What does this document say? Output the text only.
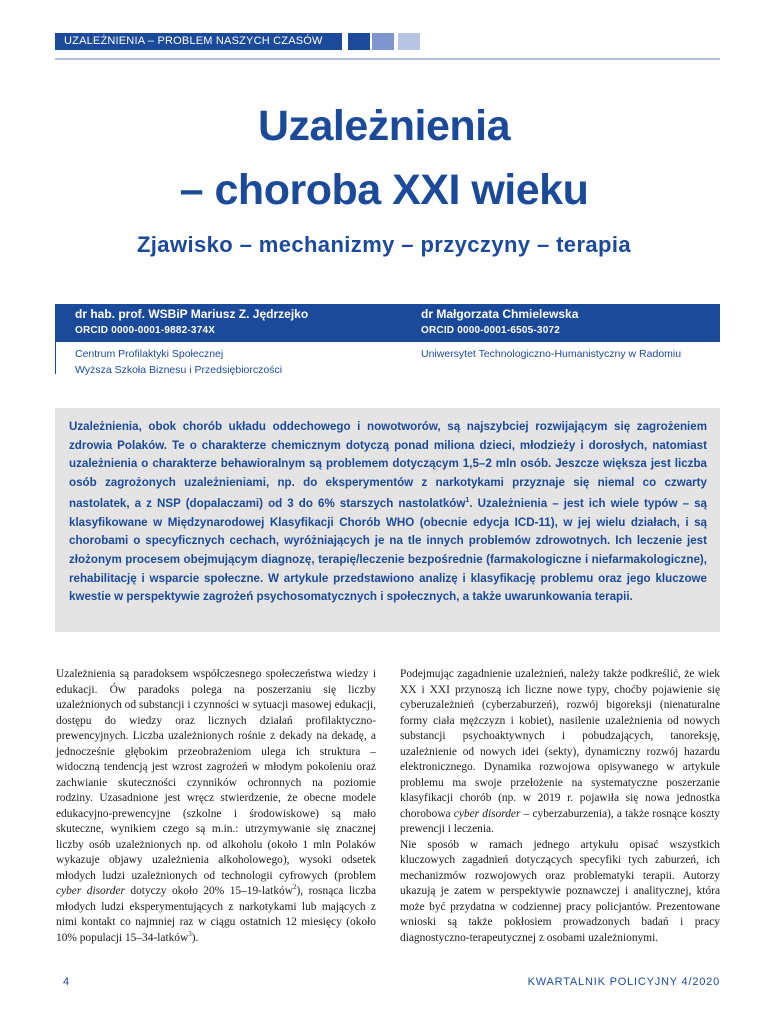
UZALEŻNIENIA – PROBLEM NASZYCH CZASÓW
Uzależnienia
– choroba XXI wieku
Zjawisko – mechanizmy – przyczyny – terapia
dr hab. prof. WSBiP Mariusz Z. Jędrzejko
ORCID 0000-0001-9882-374X
dr Małgorzata Chmielewska
ORCID 0000-0001-6505-3072
Centrum Profilaktyki Społecznej
Wyższa Szkoła Biznesu i Przedsiębiorczości
Uniwersytet Technologiczno-Humanistyczny w Radomiu

Uzależnienia, obok chorób układu oddechowego i nowotworów, są najszybciej rozwijającym się zagrożeniem zdrowia Polaków. Te o charakterze chemicznym dotyczą ponad miliona dzieci, młodzieży i dorosłych, natomiast uzależnienia o charakterze behawioralnym są problemem dotyczącym 1,5–2 mln osób. Jeszcze większa jest liczba osób zagrożonych uzależnieniami, np. do eksperymentów z narkotykami przyznaje się niemal co czwarty nastolatek, a z NSP (dopalaczami) od 3 do 6% starszych nastolatków$^1$. Uzależnienia – jest ich wiele typów – są klasyfikowane w Międzynarodowej Klasyfikacji Chorób WHO (obecnie edycja ICD-11), w jej wielu działach, i są chorobami o specyficznych cechach, wyróżniających je na tle innych problemów zdrowotnych. Ich leczenie jest złożonym procesem obejmującym diagnozę, terapię/leczenie bezpośrednie (farmakologiczne i niefarmakologiczne), rehabilitację i wsparcie społeczne. W artykule przedstawiono analizę i klasyfikację problemu oraz jego kluczowe kwestie w perspektywie zagrożeń psychosomatycznych i społecznych, a także uwarunkowania terapii.

Uzależnienia są paradoksem współczesnego społeczeństwa wiedzy i edukacji. Ów paradoks polega na poszerzaniu się liczby uzależnionych od substancji i czynności w sytuacji masowej edukacji, dostępu do wiedzy oraz licznych działań profilaktyczno-prewencyjnych. Liczba uzależnionych rośnie z dekady na dekadę, a jednocześnie głębokim przeobrażeniom ulega ich struktura – widoczną tendencją jest wzrost zagrożeń w młodym pokoleniu oraz zachwianie skuteczności czynników ochronnych na poziomie rodziny. Uzasadnione jest wręcz stwierdzenie, że obecne modele edukacyjno-prewencyjne (szkolne i środowiskowe) są mało skuteczne, wynikiem czego są m.in.: utrzymywanie się znacznej liczby osób uzależnionych np. od alkoholu (około 1 mln Polaków wykazuje objawy uzależnienia alkoholowego), wysoki odsetek młodych ludzi uzależnionych od technologii cyfrowych (problem cyber disorder dotyczy około 20% 15–19-latków$^2$), rosnąca liczba młodych ludzi eksperymentujących z narkotykami lub mających z nimi kontakt co najmniej raz w ciągu ostatnich 12 miesięcy (około 10% populacji 15–34-latków$^3$).

Podejmując zagadnienie uzależnień, należy także podkreślić, że wiek XX i XXI przynoszą ich liczne nowe typy, choćby pojawienie się cyberuzależnień (cyberzaburzeń), rozwój bigoreksji (nienaturalne formy ciała mężczyzn i kobiet), nasilenie uzależnienia od nowych substancji psychoaktywnych i pobudzających, tanoreksję, uzależnienie od nowych idei (sekty), dynamiczny rozwój hazardu elektronicznego. Dynamika rozwojowa opisywanego w artykule problemu ma swoje przełożenie na systematyczne poszerzanie klasyfikacji chorób (np. w 2019 r. pojawiła się nowa jednostka chorobowa cyber disorder – cyberzaburzenia), a także rosnące koszty prewencji i leczenia.

Nie sposób w ramach jednego artykułu opisać wszystkich kluczowych zagadnień dotyczących specyfiki tych zaburzeń, ich mechanizmów rozwojowych oraz problematyki terapii. Autorzy ukazują je zatem w perspektywie poznawczej i analitycznej, która może być przydatna w codziennej pracy policjantów. Prezentowane wnioski są także pokłosiem prowadzonych badań i pracy diagnostyczno-terapeutycznej z osobami uzależnionymi.

4	KWARTALNIK POLICYJNY 4/2020
